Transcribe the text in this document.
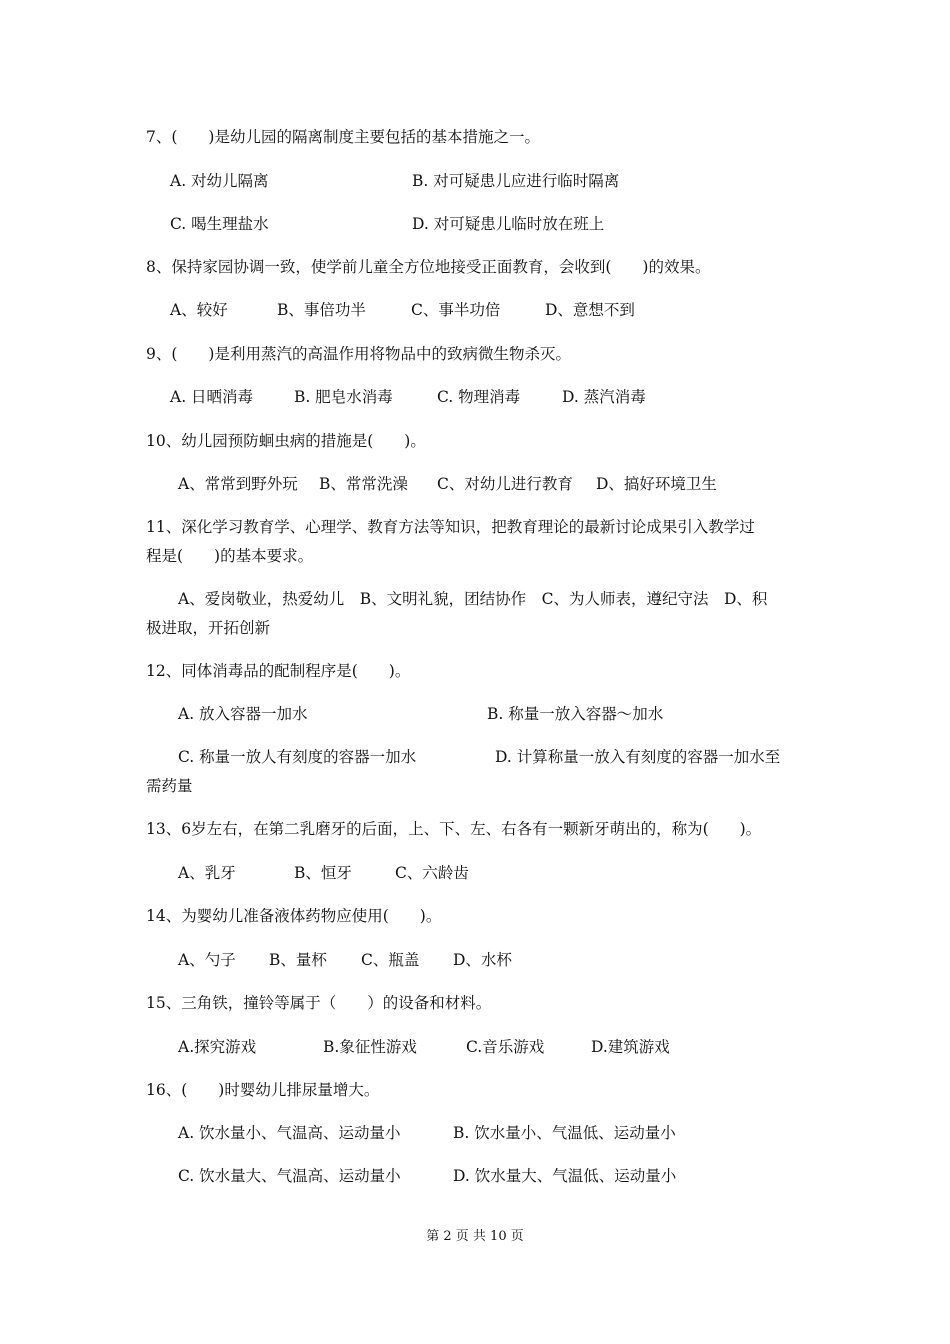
7、(　　)是幼儿园的隔离制度主要包括的基本措施之一。
A. 对幼儿隔离	B. 对可疑患儿应进行临时隔离
C. 喝生理盐水	D. 对可疑患儿临时放在班上
8、保持家园协调一致，使学前儿童全方位地接受正面教育，会收到(　　)的效果。
A、较好	B、事倍功半	C、事半功倍	D、意想不到
9、(　　)是利用蒸汽的高温作用将物品中的致病微生物杀灭。
A. 日晒消毒	B. 肥皂水消毒	C. 物理消毒	D. 蒸汽消毒
10、幼儿园预防蛔虫病的措施是(　　)。
A、常常到野外玩 B、常常洗澡 C、对幼儿进行教育 D、搞好环境卫生
11、深化学习教育学、心理学、教育方法等知识，把教育理论的最新讨论成果引入教学过
程是(　　)的基本要求。
A、爱岗敬业，热爱幼儿　B、文明礼貌，团结协作　C、为人师表，遵纪守法　D、积
极进取，开拓创新
12、同体消毒品的配制程序是(　　)。
A. 放入容器一加水	B. 称量一放入容器～加水
C. 称量一放人有刻度的容器一加水	D. 计算称量一放入有刻度的容器一加水至
需药量
13、6岁左右，在第二乳磨牙的后面，上、下、左、右各有一颗新牙萌出的，称为(　　)。
A、乳牙	B、恒牙	C、六龄齿
14、为婴幼儿准备液体药物应使用(　　)。
A、勺子 B、量杯 C、瓶盖 D、水杯
15、三角铁，撞铃等属于（　　）的设备和材料。
A.探究游戏	B.象征性游戏	C.音乐游戏	D.建筑游戏
16、(　　)时婴幼儿排尿量增大。
A. 饮水量小、气温高、运动量小	B. 饮水量小、气温低、运动量小
C. 饮水量大、气温高、运动量小	D. 饮水量大、气温低、运动量小
第 2 页 共 10 页
